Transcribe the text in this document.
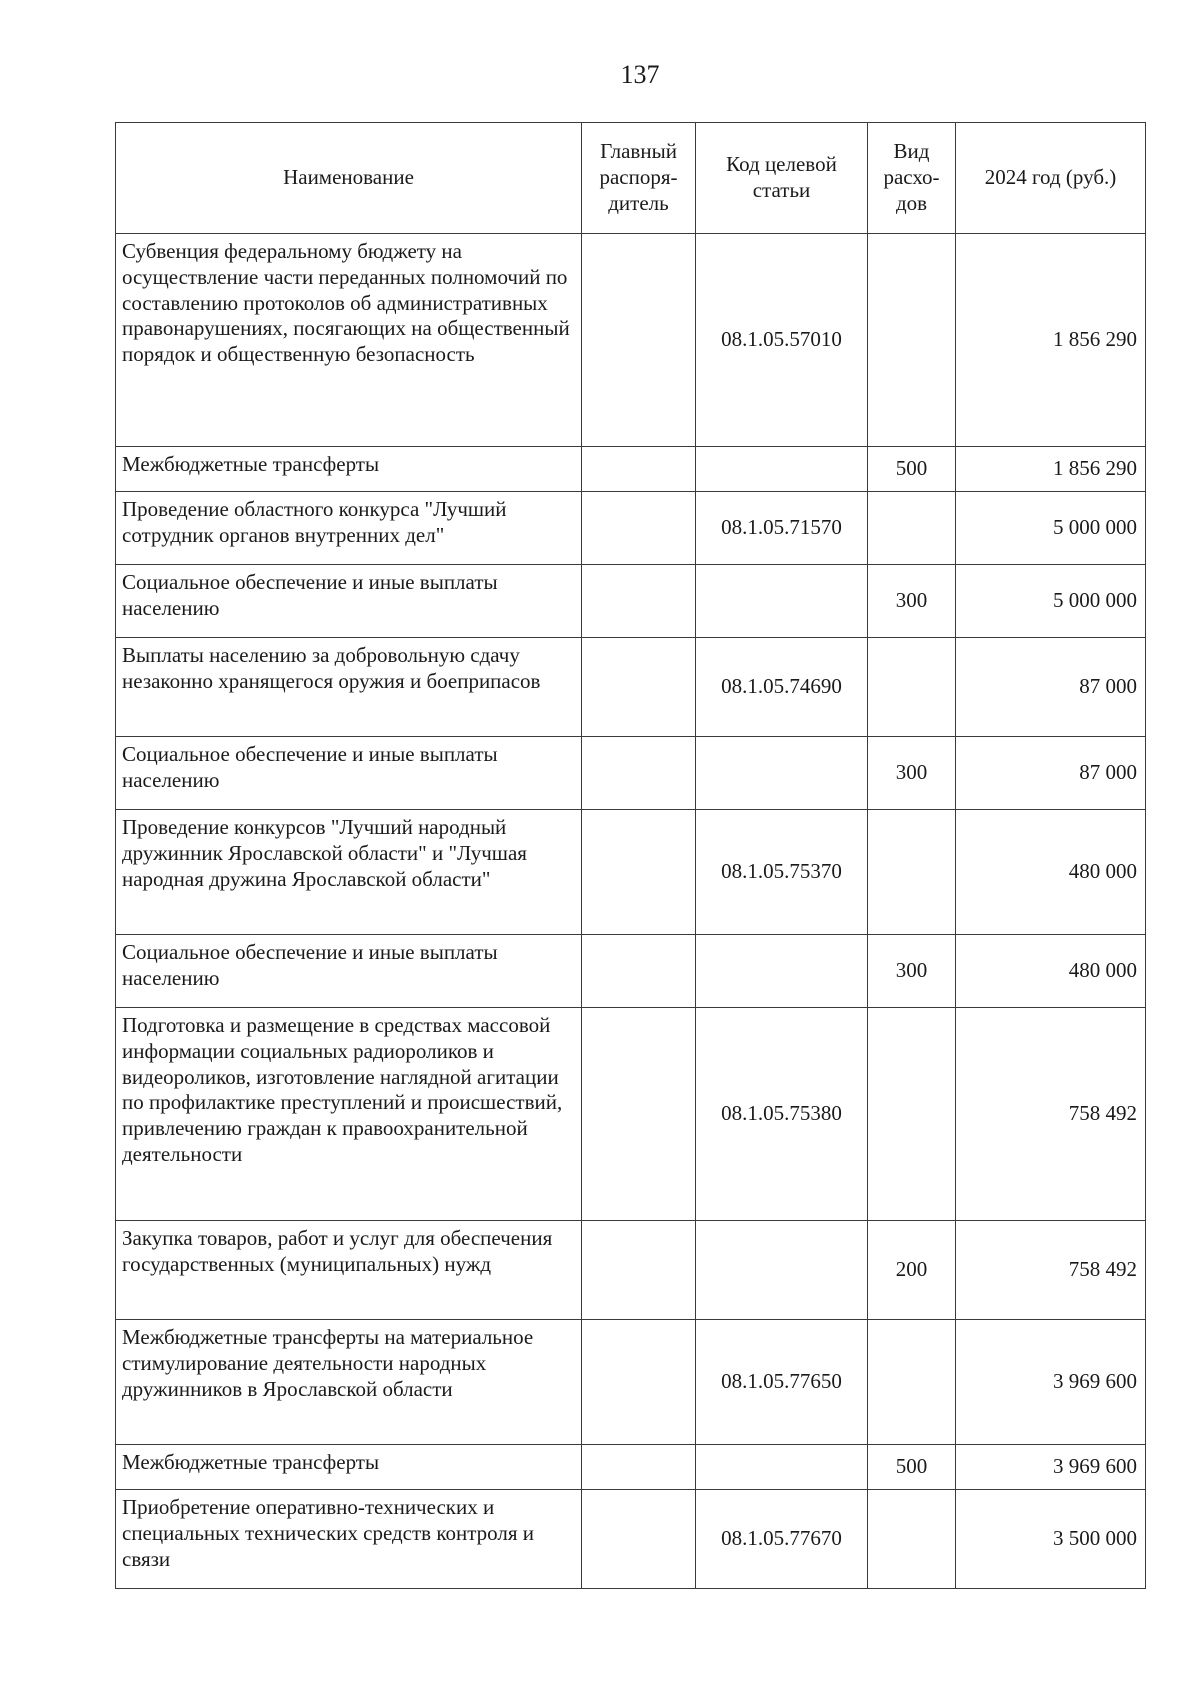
137
Наименование	Главный распоря-дитель	Код целевой статьи	Вид расхо-дов	2024 год (руб.)
Субвенция федеральному бюджету на осуществление части переданных полномочий по составлению протоколов об административных правонарушениях, посягающих на общественный порядок и общественную безопасность		08.1.05.57010		1 856 290
Межбюджетные трансферты			500	1 856 290
Проведение областного конкурса "Лучший сотрудник органов внутренних дел"		08.1.05.71570		5 000 000
Социальное обеспечение и иные выплаты населению			300	5 000 000
Выплаты населению за добровольную сдачу незаконно хранящегося оружия и боеприпасов		08.1.05.74690		87 000
Социальное обеспечение и иные выплаты населению			300	87 000
Проведение конкурсов "Лучший народный дружинник Ярославской области" и "Лучшая народная дружина Ярославской области"		08.1.05.75370		480 000
Социальное обеспечение и иные выплаты населению			300	480 000
Подготовка и размещение в средствах массовой информации социальных радиороликов и видеороликов, изготовление наглядной агитации по профилактике преступлений и происшествий, привлечению граждан к правоохранительной деятельности		08.1.05.75380		758 492
Закупка товаров, работ и услуг для обеспечения государственных (муниципальных) нужд			200	758 492
Межбюджетные трансферты на материальное стимулирование деятельности народных дружинников в Ярославской области		08.1.05.77650		3 969 600
Межбюджетные трансферты			500	3 969 600
Приобретение оперативно-технических и специальных технических средств контроля и связи		08.1.05.77670		3 500 000
